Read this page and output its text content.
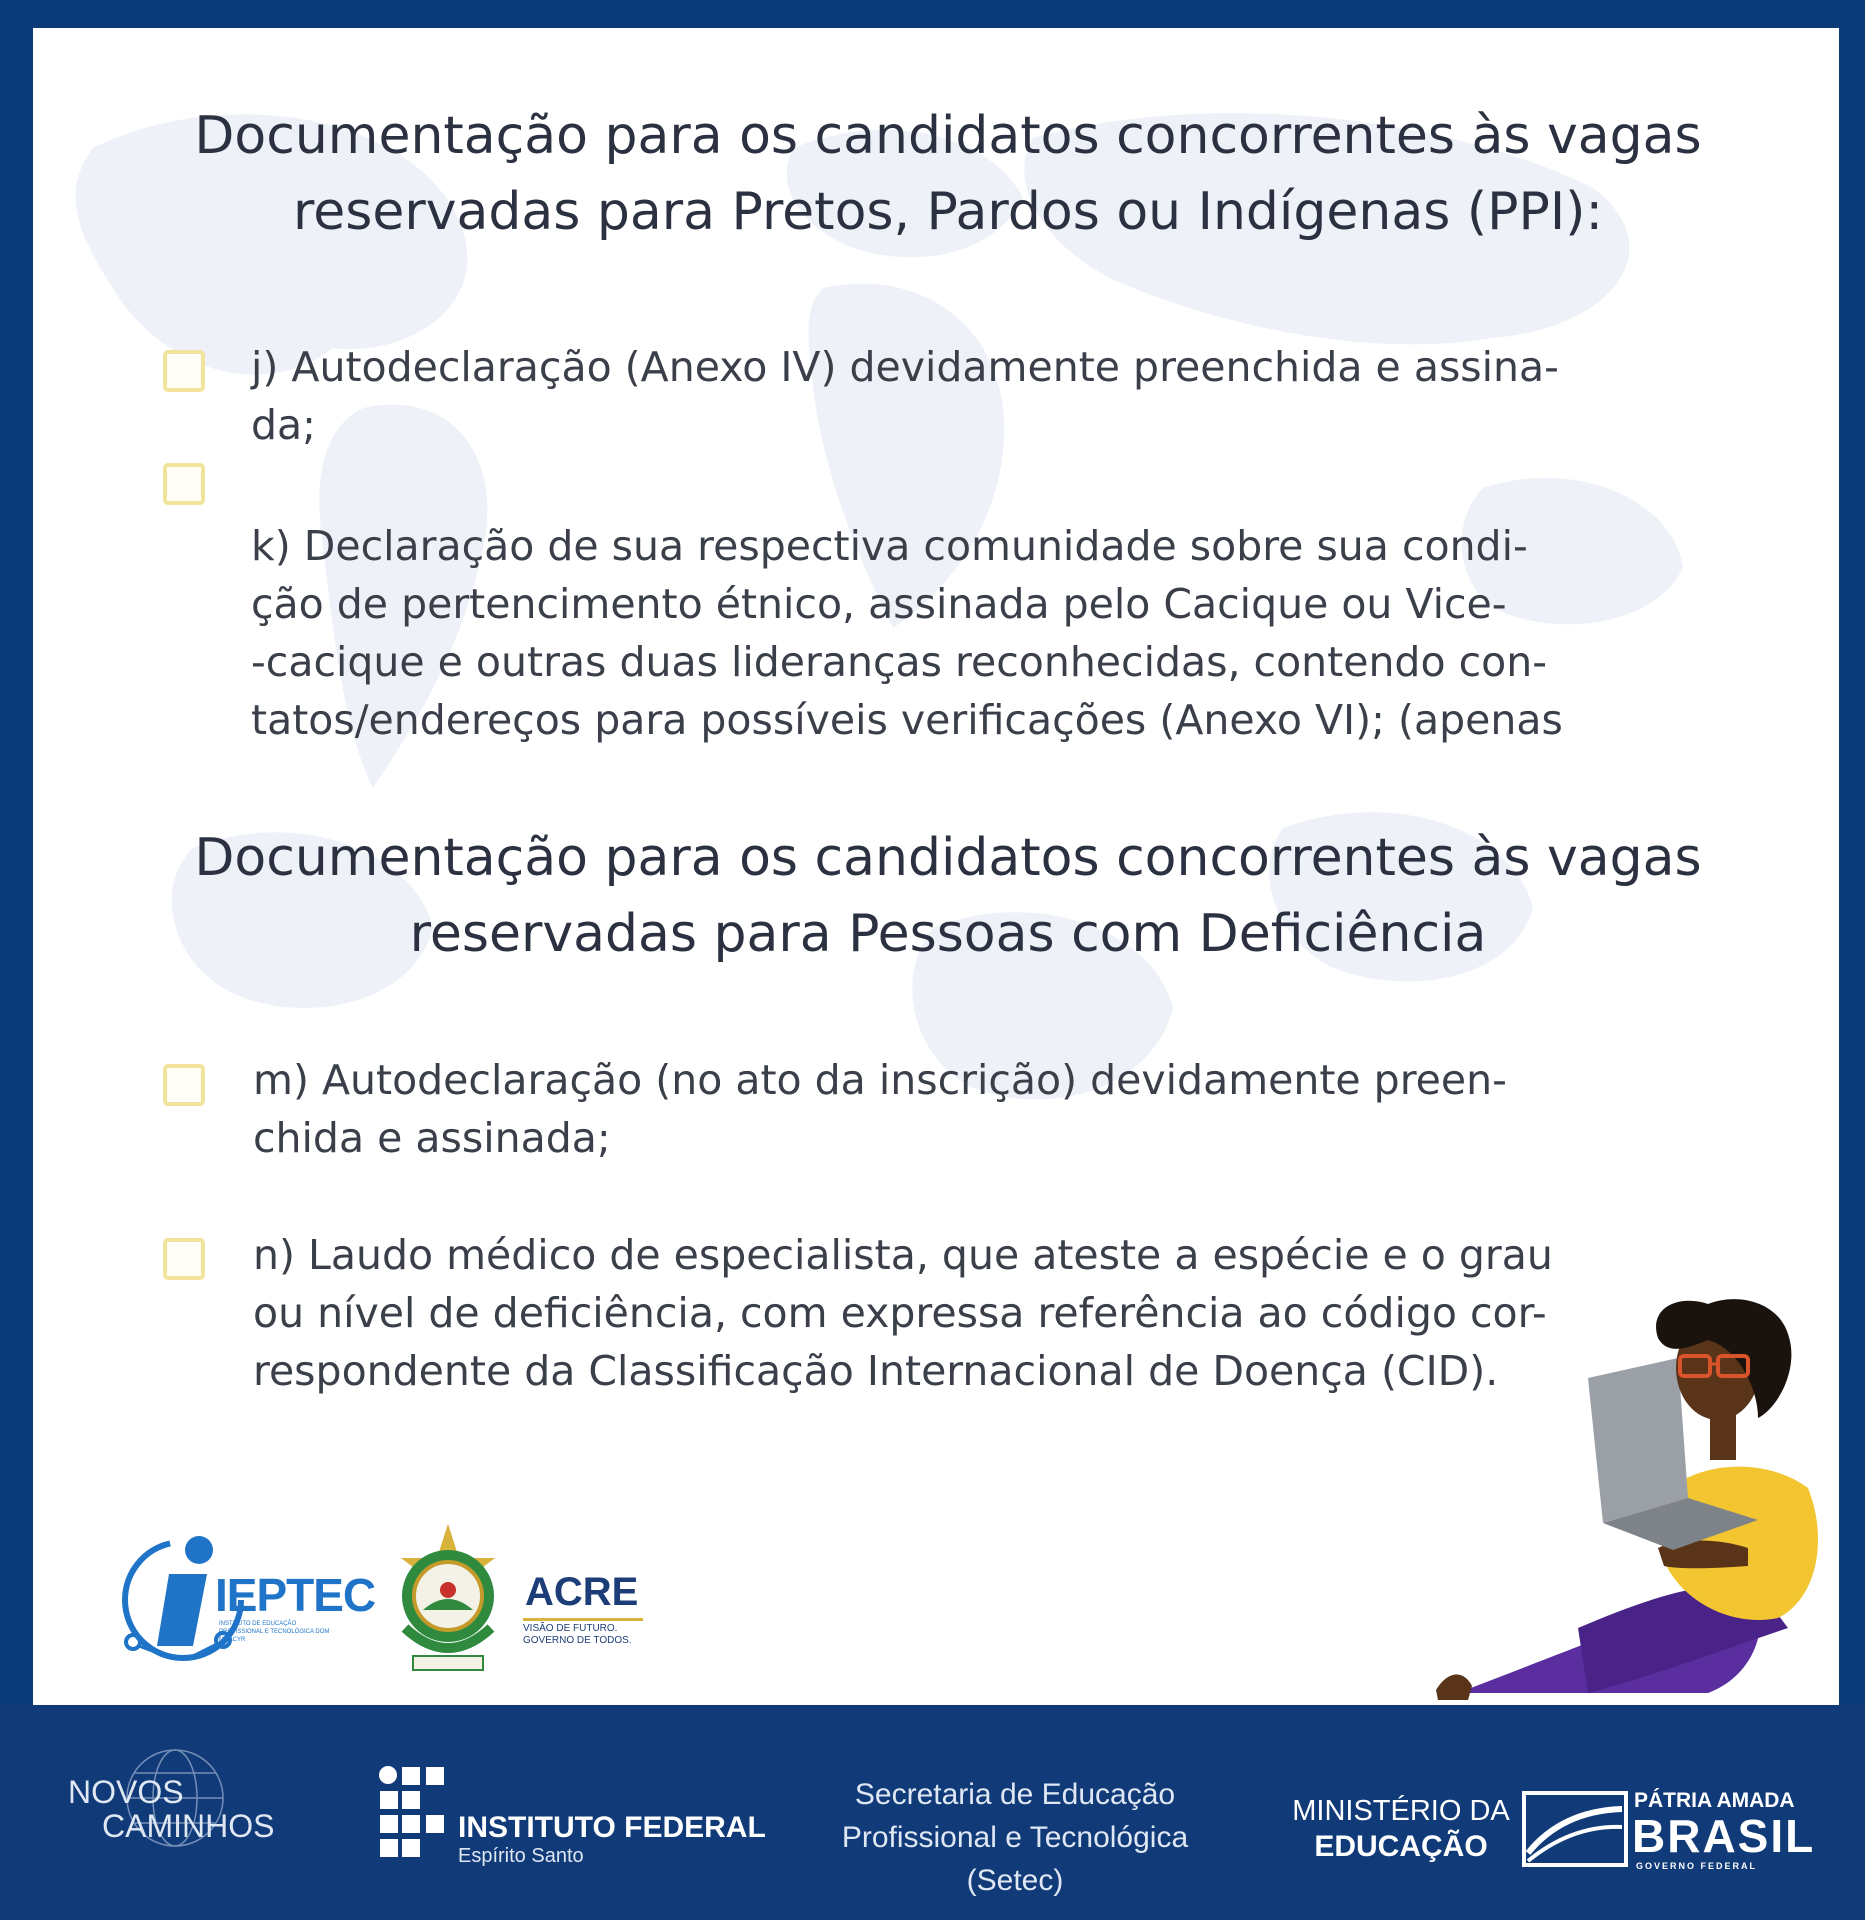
Documentação para os candidatos concorrentes às vagas reservadas para Pretos, Pardos ou Indígenas (PPI):

j) Autodeclaração (Anexo IV) devidamente preenchida e assina-
da;

k) Declaração de sua respectiva comunidade sobre sua condi-
ção de pertencimento étnico, assinada pelo Cacique ou Vice-
-cacique e outras duas lideranças reconhecidas, contendo con-
tatos/endereços para possíveis verificações (Anexo VI); (apenas

Documentação para os candidatos concorrentes às vagas reservadas para Pessoas com Deficiência

m) Autodeclaração (no ato da inscrição) devidamente preen-
chida e assinada;

n) Laudo médico de especialista, que ateste a espécie e o grau
ou nível de deficiência, com expressa referência ao código cor-
respondente da Classificação Internacional de Doença (CID).

IEPTEC
INSTITUTO DE EDUCAÇÃO PROFISSIONAL E TECNOLÓGICA DOM MOACYR
ACRE
VISÃO DE FUTURO. GOVERNO DE TODOS.
NOVOS
CAMINHOS	INSTITUTO FEDERAL
Espírito Santo
Secretaria de Educação
Profissional e Tecnológica
(Setec)
MINISTÉRIO DA
EDUCAÇÃO
PÁTRIA AMADA
BRASIL
GOVERNO FEDERAL
